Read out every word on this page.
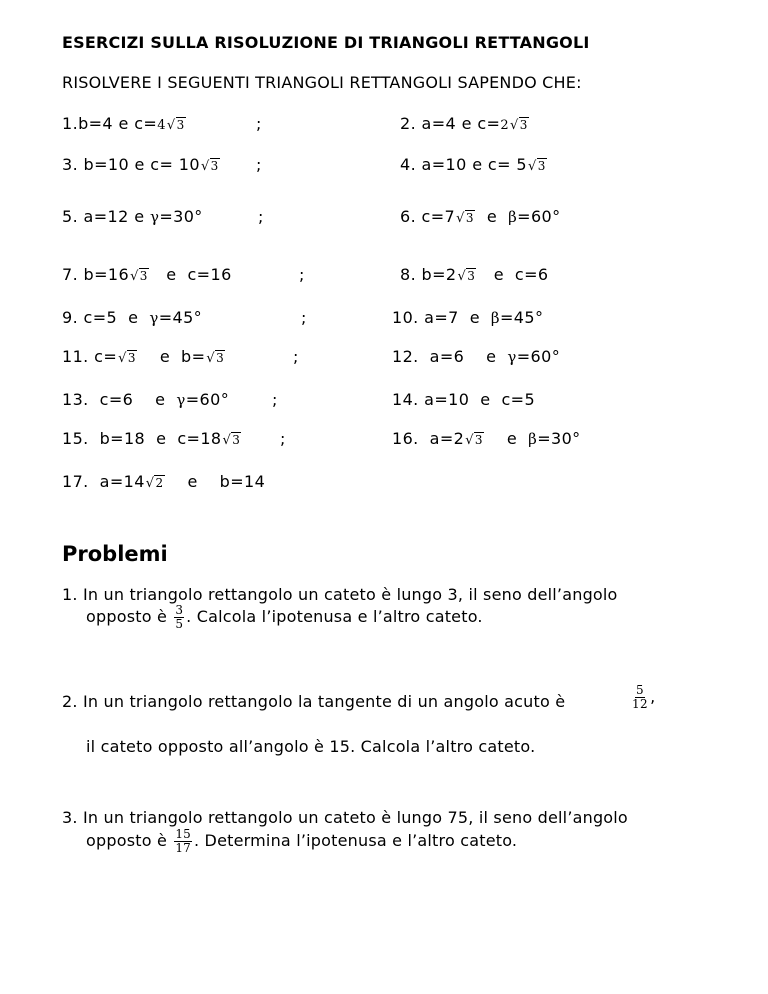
ESERCIZI SULLA RISOLUZIONE DI TRIANGOLI RETTANGOLI
RISOLVERE I SEGUENTI TRIANGOLI RETTANGOLI SAPENDO CHE:
1.b=4 e c=4√3	;	2. a=4 e c=2√3
3. b=10 e c= 10√3 ;	4. a=10 e c= 5√3
5. a=12 e γ=30°	;	6. c=7√3  e  β=60°
7. b=16√3   e  c=16	;	8. b=2√3   e  c=6
9. c=5  e  γ=45°	;	10. a=7  e  β=45°
11. c=√3    e  b=√3	;	12.  a=6    e  γ=60°
13.  c=6    e  γ=60°	;	14. a=10  e  c=5
15.  b=18  e  c=18√3 ;	16.  a=2√3    e  β=30°
17.  a=14√2    e    b=14
Problemi
1. In un triangolo rettangolo un cateto è lungo 3, il seno dell’angolo
opposto è $\frac{3}{5}$ . Calcola l’ipotenusa e l’altro cateto.
2. In un triangolo rettangolo la tangente di un angolo acuto è	$\frac{5}{12}$ ,
il cateto opposto all’angolo è 15. Calcola l’altro cateto.
3. In un triangolo rettangolo un cateto è lungo 75, il seno dell’angolo
opposto è $\frac{15}{17}$ . Determina l’ipotenusa e l’altro cateto.
